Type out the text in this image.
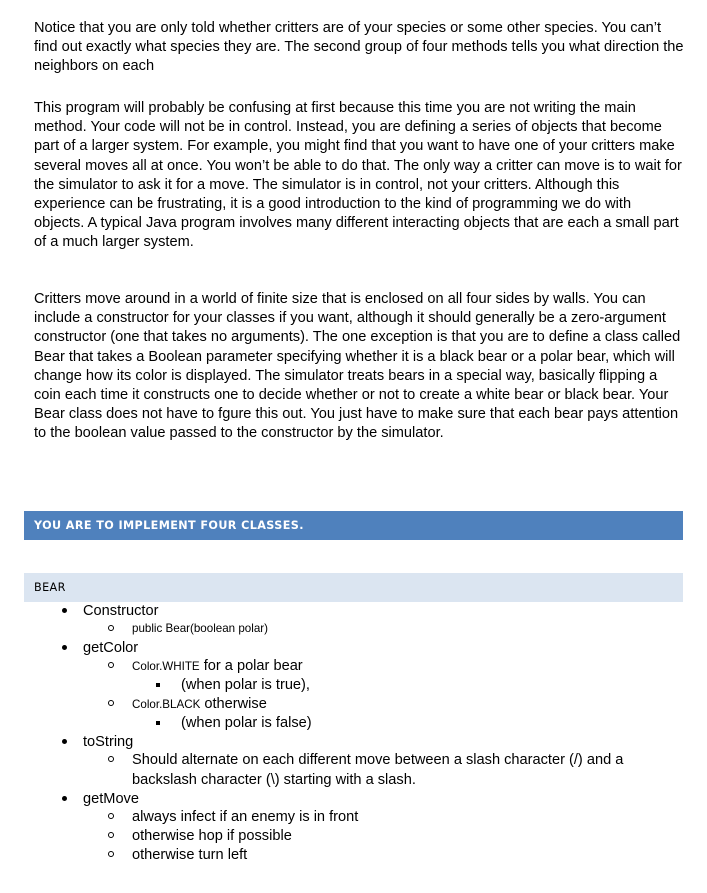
Notice that you are only told whether critters are of your species or some other species. You can’t find out exactly what species they are. The second group of four methods tells you what direction the neighbors on each

This program will probably be confusing at first because this time you are not writing the main method. Your code will not be in control. Instead, you are defining a series of objects that become part of a larger system. For example, you might find that you want to have one of your critters make several moves all at once. You won’t be able to do that. The only way a critter can move is to wait for the simulator to ask it for a move. The simulator is in control, not your critters. Although this experience can be frustrating, it is a good introduction to the kind of programming we do with objects. A typical Java program involves many different interacting objects that are each a small part of a much larger system.

Critters move around in a world of finite size that is enclosed on all four sides by walls. You can include a constructor for your classes if you want, although it should generally be a zero-argument constructor (one that takes no arguments). The one exception is that you are to define a class called Bear that takes a Boolean parameter specifying whether it is a black bear or a polar bear, which will change how its color is displayed. The simulator treats bears in a special way, basically flipping a coin each time it constructs one to decide whether or not to create a white bear or black bear. Your Bear class does not have to fgure this out. You just have to make sure that each bear pays attention to the boolean value passed to the constructor by the simulator.

YOU ARE TO IMPLEMENT FOUR CLASSES.
BEAR
Constructor
public Bear(boolean polar)
getColor
Color.WHITE for a polar bear
(when polar is true),
Color.BLACK otherwise
(when polar is false)
toString
Should alternate on each different move between a slash character (/) and a backslash character (\) starting with a slash.
getMove
always infect if an enemy is in front
otherwise hop if possible
otherwise turn left
